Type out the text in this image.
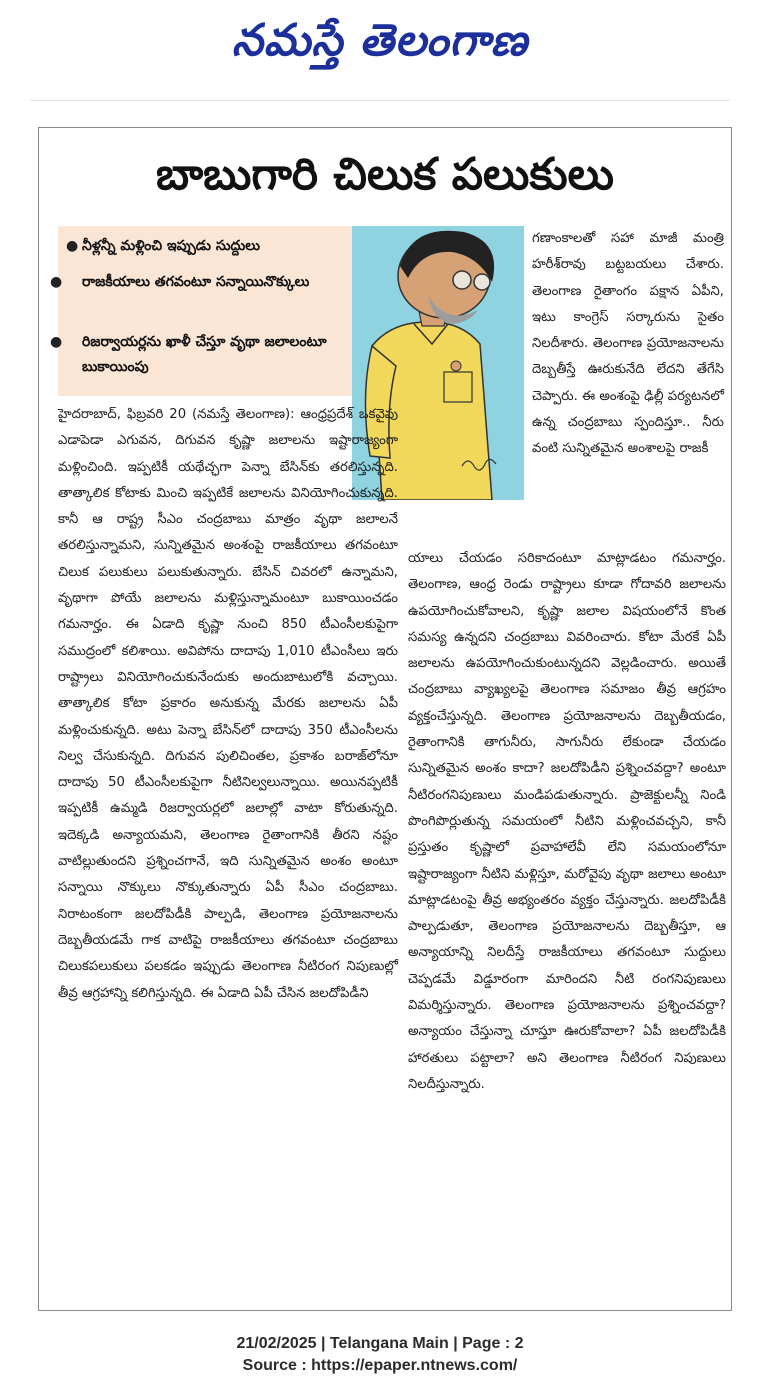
నమస్తే తెలంగాణ
బాబుగారి చిలుక పలుకులు
● నీళ్లన్నీ మళ్లించి ఇప్పుడు సుద్దులు
● రాజకీయాలు తగవంటూ సన్నాయినొక్కులు
● రిజర్వాయర్లను ఖాళీ చేస్తూ వృథా జలాలంటూ బుకాయింపు
హైదరాబాద్, ఫిబ్రవరి 20 (నమస్తే తెలంగాణ): ఆంధ్రప్రదేశ్ ఒకవైపు ఎడాపెడా ఎగువన, దిగువన కృష్ణా జలాలను ఇష్టారాజ్యంగా మళ్లించింది. ఇప్పటికీ యథేచ్ఛగా పెన్నా బేసిన్‌కు తరలిస్తున్నది. తాత్కాలిక కోటాకు మించి ఇప్పటికే జలాలను వినియోగించుకున్నది. కానీ ఆ రాష్ట్ర సీఎం చంద్రబాబు మాత్రం వృథా జలాలనే తరలిస్తున్నామని, సున్నితమైన అంశంపై రాజకీయాలు తగవంటూ చిలుక పలుకులు పలుకుతున్నారు. బేసిన్ చివరలో ఉన్నామని, వృథాగా పోయే జలాలను మళ్లిస్తున్నామంటూ బుకాయించడం గమనార్హం. ఈ ఏడాది కృష్ణా నుంచి 850 టీఎంసీలకుపైగా సముద్రంలో కలిశాయి. అవిపోను దాదాపు 1,010 టీఎంసీలు ఇరు రాష్ట్రాలు వినియోగించుకునేందుకు అందుబాటులోకి వచ్చాయి. తాత్కాలిక కోటా ప్రకారం అనుకున్న మేరకు జలాలను ఏపీ మళ్లించుకున్నది. అటు పెన్నా బేసిన్‌లో దాదాపు 350 టీఎంసీలను నిల్వ చేసుకున్నది. దిగువన పులిచింతల, ప్రకాశం బరాజ్‌లోనూ దాదాపు 50 టీఎంసీలకుపైగా నీటినిల్వలున్నాయి. అయినప్పటికీ ఇప్పటికీ ఉమ్మడి రిజర్వాయర్లలో జలాల్లో వాటా కోరుతున్నది. ఇదెక్కడి అన్యాయమని, తెలంగాణ రైతాంగానికి తీరని నష్టం వాటిల్లుతుందని ప్రశ్నించగానే, ఇది సున్నితమైన అంశం అంటూ సన్నాయి నొక్కులు నొక్కుతున్నారు ఏపీ సీఎం చంద్రబాబు. నిరాటంకంగా జలదోపిడీకి పాల్పడి, తెలంగాణ ప్రయోజనాలను దెబ్బతీయడమే గాక వాటిపై రాజకీయాలు తగవంటూ చంద్రబాబు చిలుకపలుకులు పలకడం ఇప్పుడు తెలంగాణ నీటిరంగ నిపుణుల్లో తీవ్ర ఆగ్రహాన్ని కలిగిస్తున్నది. ఈ ఏడాది ఏపీ చేసిన జలదోపిడీని
గణాంకాలతో సహా మాజీ మంత్రి హరీశ్‌రావు బట్టబయలు చేశారు. తెలంగాణ రైతాంగం పక్షాన ఏపీని, ఇటు కాంగ్రెస్ సర్కారును సైతం నిలదీశారు. తెలంగాణ ప్రయోజనాలను దెబ్బతీస్తే ఊరుకునేది లేదని తేగేసి చెప్పారు. ఈ అంశంపై ఢిల్లీ పర్యటనలో ఉన్న చంద్రబాబు స్పందిస్తూ.. నీరు వంటి సున్నితమైన అంశాలపై రాజకీ
యాలు చేయడం సరికాదంటూ మాట్లాడటం గమనార్హం. తెలంగాణ, ఆంధ్ర రెండు రాష్ట్రాలు కూడా గోదావరి జలాలను ఉపయోగించుకోవాలని, కృష్ణా జలాల విషయంలోనే కొంత సమస్య ఉన్నదని చంద్రబాబు వివరించారు. కోటా మేరకే ఏపీ జలాలను ఉపయోగించుకుంటున్నదని వెల్లడించారు. అయితే చంద్రబాబు వ్యాఖ్యలపై తెలంగాణ సమాజం తీవ్ర ఆగ్రహం వ్యక్తంచేస్తున్నది. తెలంగాణ ప్రయోజనాలను దెబ్బతీయడం, రైతాంగానికి తాగునీరు, సాగునీరు లేకుండా చేయడం సున్నితమైన అంశం కాదా? జలదోపిడీని ప్రశ్నించవద్దా? అంటూ నీటిరంగనిపుణులు మండిపడుతున్నారు. ప్రాజెక్టులన్నీ నిండి పొంగిపొర్లుతున్న సమయంలో నీటిని మళ్లించవచ్చని, కానీ ప్రస్తుతం కృష్ణాలో ప్రవాహాలేవీ లేని సమయంలోనూ ఇష్టారాజ్యంగా నీటిని మళ్లిస్తూ, మరోవైపు వృథా జలాలు అంటూ మాట్లాడటంపై తీవ్ర అభ్యంతరం వ్యక్తం చేస్తున్నారు. జలదోపిడీకి పాల్పడుతూ, తెలంగాణ ప్రయోజనాలను దెబ్బతీస్తూ, ఆ అన్యాయాన్ని నిలదీస్తే రాజకీయాలు తగవంటూ సుద్దులు చెప్పడమే విడ్డూరంగా మారిందని నీటి రంగనిపుణులు విమర్శిస్తున్నారు. తెలంగాణ ప్రయోజనాలను ప్రశ్నించవద్దా? అన్యాయం చేస్తున్నా చూస్తూ ఊరుకోవాలా? ఏపీ జలదోపిడీకి హారతులు పట్టాలా? అని తెలంగాణ నీటిరంగ నిపుణులు నిలదీస్తున్నారు.
21/02/2025 | Telangana Main | Page : 2
Source : https://epaper.ntnews.com/
